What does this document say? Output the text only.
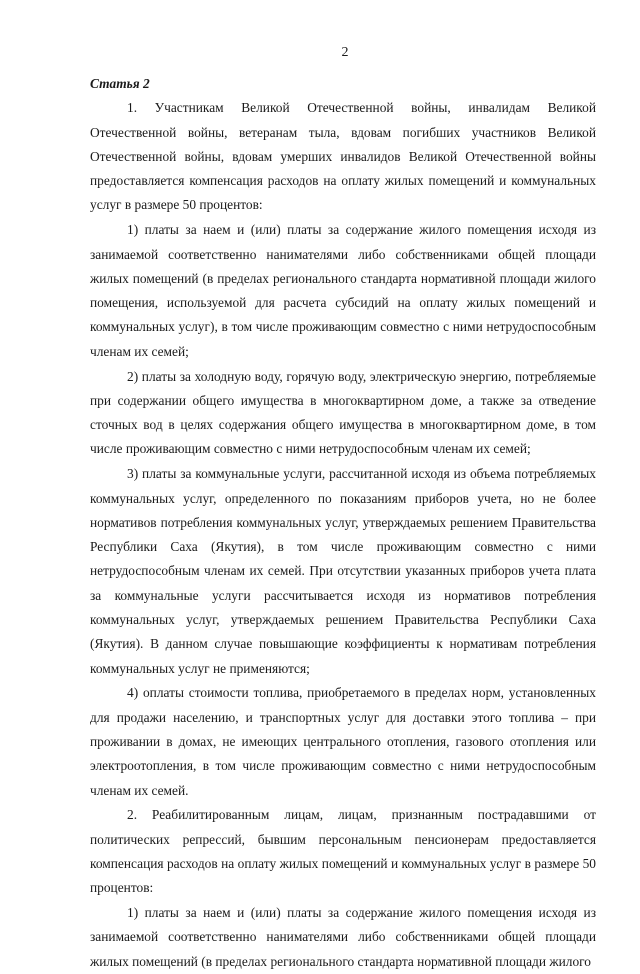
2

Статья 2

1. Участникам Великой Отечественной войны, инвалидам Великой Отечественной войны, ветеранам тыла, вдовам погибших участников Великой Отечественной войны, вдовам умерших инвалидов Великой Отечественной войны предоставляется компенсация расходов на оплату жилых помещений и коммунальных услуг в размере 50 процентов:

1) платы за наем и (или) платы за содержание жилого помещения исходя из занимаемой соответственно нанимателями либо собственниками общей площади жилых помещений (в пределах регионального стандарта нормативной площади жилого помещения, используемой для расчета субсидий на оплату жилых помещений и коммунальных услуг), в том числе проживающим совместно с ними нетрудоспособным членам их семей;

2) платы за холодную воду, горячую воду, электрическую энергию, потребляемые при содержании общего имущества в многоквартирном доме, а также за отведение сточных вод в целях содержания общего имущества в многоквартирном доме, в том числе проживающим совместно с ними нетрудоспособным членам их семей;

3) платы за коммунальные услуги, рассчитанной исходя из объема потребляемых коммунальных услуг, определенного по показаниям приборов учета, но не более нормативов потребления коммунальных услуг, утверждаемых решением Правительства Республики Саха (Якутия), в том числе проживающим совместно с ними нетрудоспособным членам их семей. При отсутствии указанных приборов учета плата за коммунальные услуги рассчитывается исходя из нормативов потребления коммунальных услуг, утверждаемых решением Правительства Республики Саха (Якутия). В данном случае повышающие коэффициенты к нормативам потребления коммунальных услуг не применяются;

4) оплаты стоимости топлива, приобретаемого в пределах норм, установленных для продажи населению, и транспортных услуг для доставки этого топлива – при проживании в домах, не имеющих центрального отопления, газового отопления или электроотопления, в том числе проживающим совместно с ними нетрудоспособным членам их семей.

2. Реабилитированным лицам, лицам, признанным пострадавшими от политических репрессий, бывшим персональным пенсионерам предоставляется компенсация расходов на оплату жилых помещений и коммунальных услуг в размере 50 процентов:

1) платы за наем и (или) платы за содержание жилого помещения исходя из занимаемой соответственно нанимателями либо собственниками общей площади жилых помещений (в пределах регионального стандарта нормативной площади жилого
